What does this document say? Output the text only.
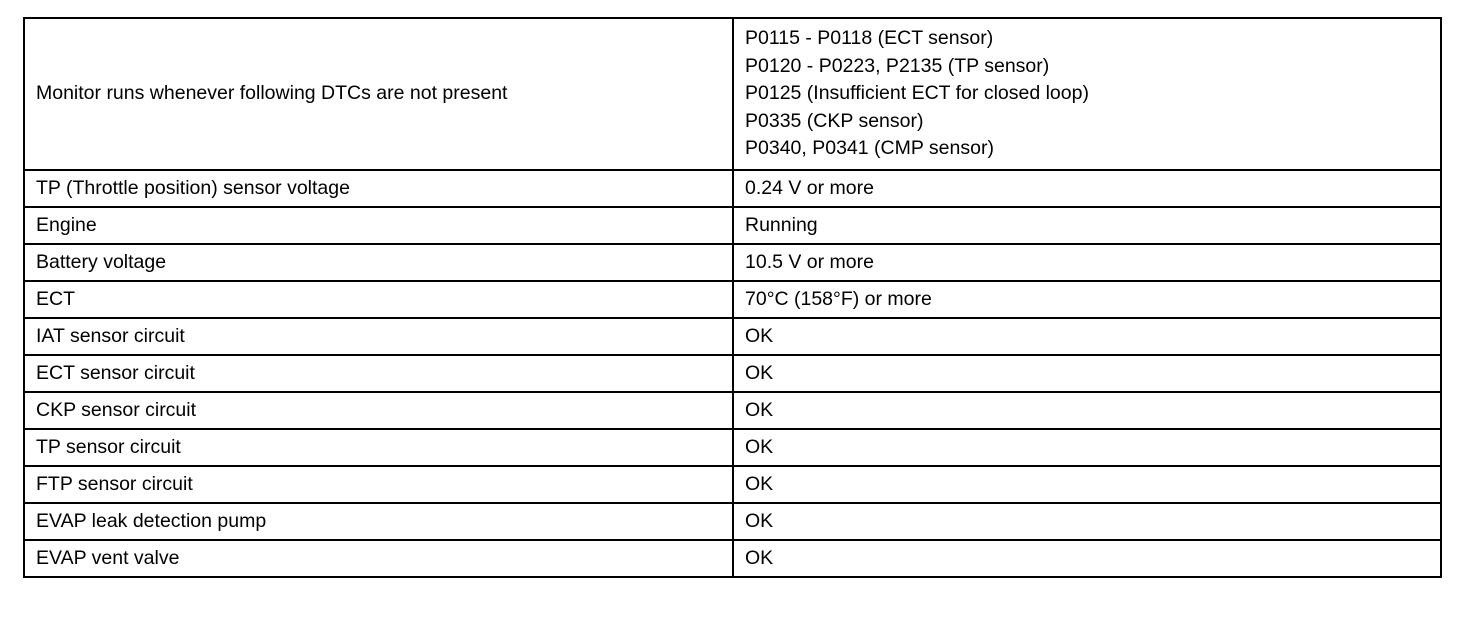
Monitor runs whenever following DTCs are not present	P0115 - P0118 (ECT sensor)
P0120 - P0223, P2135 (TP sensor)
P0125 (Insufficient ECT for closed loop)
P0335 (CKP sensor)
P0340, P0341 (CMP sensor)

TP (Throttle position) sensor voltage	0.24 V or more
Engine	Running
Battery voltage	10.5 V or more
ECT	70°C (158°F) or more
IAT sensor circuit	OK
ECT sensor circuit	OK
CKP sensor circuit	OK
TP sensor circuit	OK
FTP sensor circuit	OK
EVAP leak detection pump	OK
EVAP vent valve	OK
